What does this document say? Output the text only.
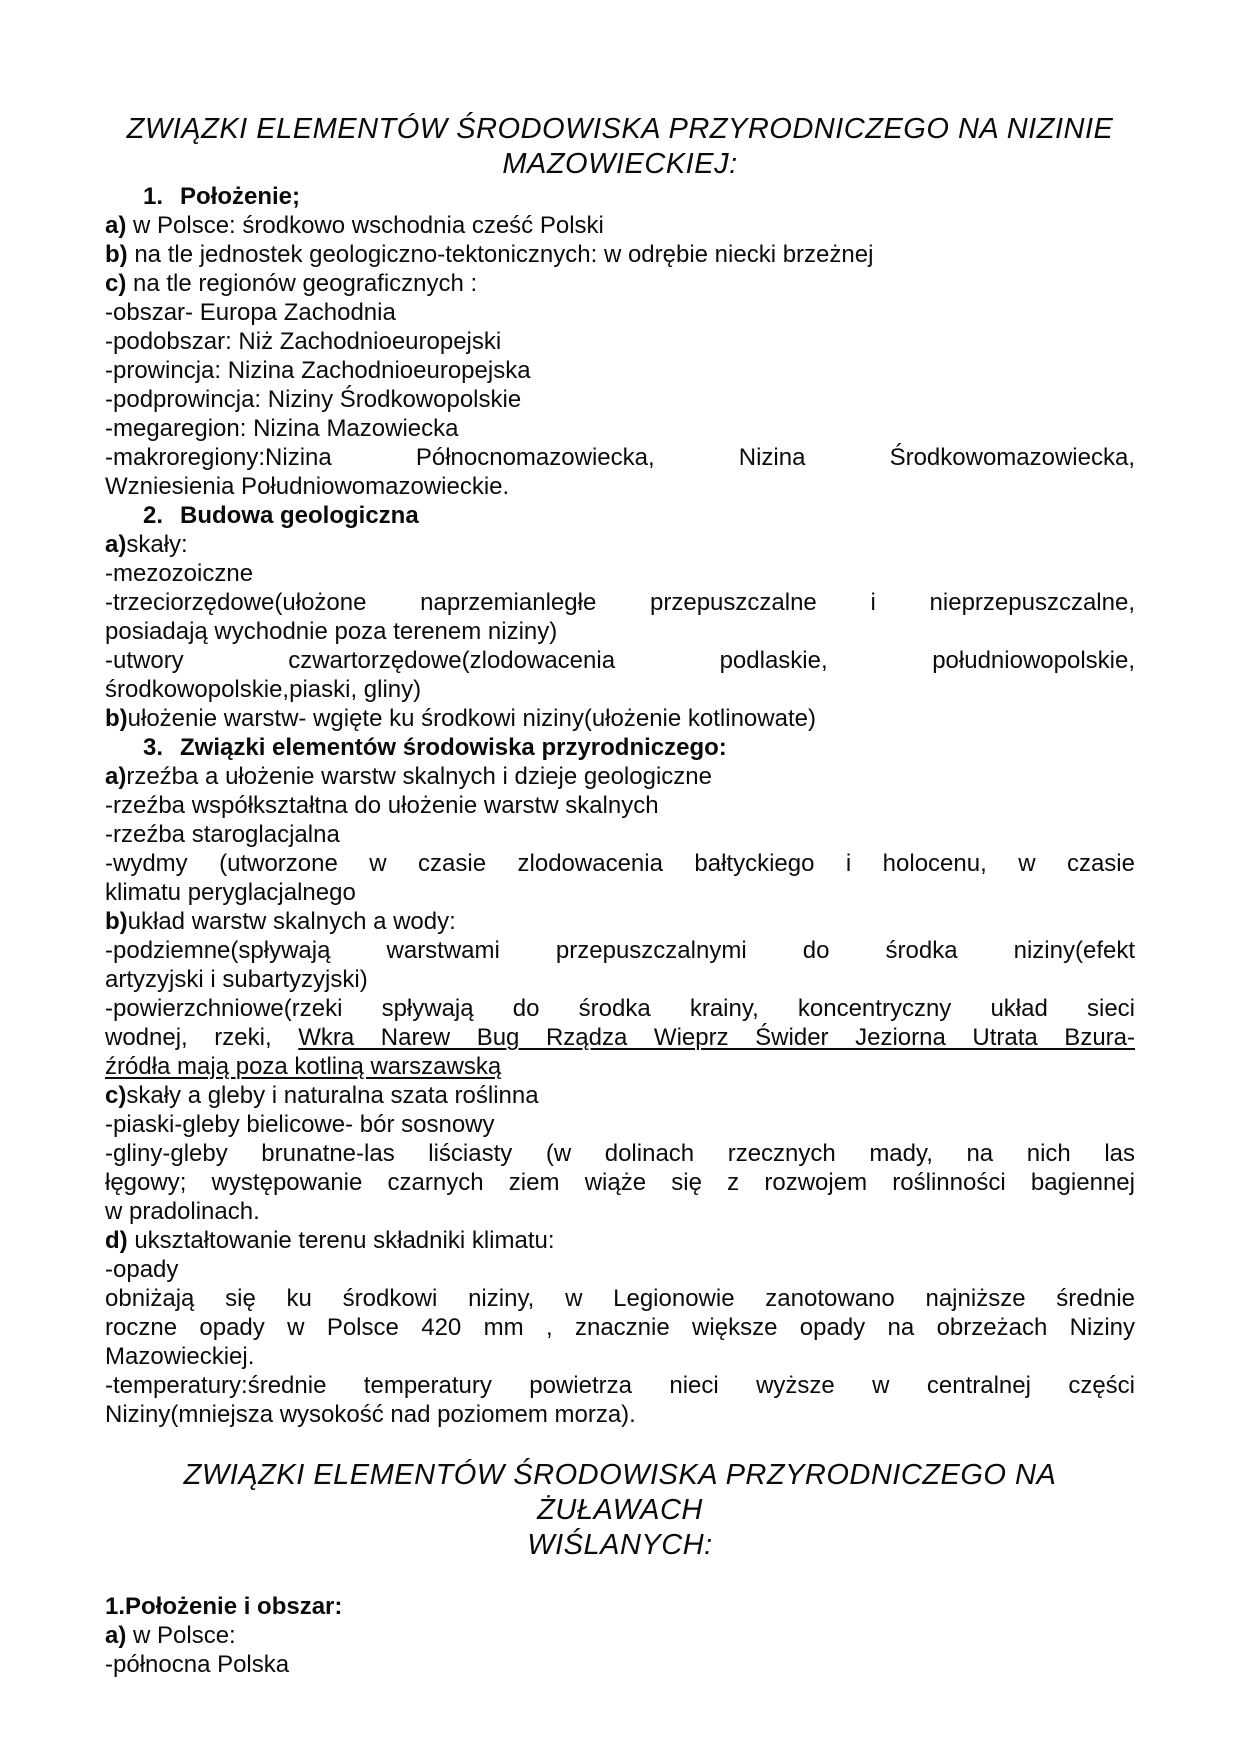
ZWIĄZKI ELEMENTÓW ŚRODOWISKA PRZYRODNICZEGO NA NIZINIE
MAZOWIECKIEJ:
1. Położenie;
a) w Polsce: środkowo wschodnia cześć Polski
b) na tle jednostek geologiczno-tektonicznych: w odrębie niecki brzeżnej
c) na tle regionów geograficznych :
-obszar- Europa Zachodnia
-podobszar: Niż Zachodnioeuropejski
-prowincja: Nizina Zachodnioeuropejska
-podprowincja: Niziny Środkowopolskie
-megaregion: Nizina Mazowiecka
-makroregiony:Nizina Północnomazowiecka, Nizina Środkowomazowiecka,
Wzniesienia Południowomazowieckie.
2. Budowa geologiczna
a)skały:
-mezozoiczne
-trzeciorzędowe(ułożone naprzemianległe przepuszczalne i nieprzepuszczalne,
posiadają wychodnie poza terenem niziny)
-utwory czwartorzędowe(zlodowacenia podlaskie, południowopolskie,
środkowopolskie,piaski, gliny)
b)ułożenie warstw- wgięte ku środkowi niziny(ułożenie kotlinowate)
3. Związki elementów środowiska przyrodniczego:
a)rzeźba a ułożenie warstw skalnych i dzieje geologiczne
-rzeźba współkształtna do ułożenie warstw skalnych
-rzeźba staroglacjalna
-wydmy (utworzone w czasie zlodowacenia bałtyckiego i holocenu, w czasie
klimatu peryglacjalnego
b)układ warstw skalnych a wody:
-podziemne(spływają warstwami przepuszczalnymi do środka niziny(efekt
artyzyjski i subartyzyjski)
-powierzchniowe(rzeki spływają do środka krainy, koncentryczny układ sieci
wodnej, rzeki, Wkra Narew Bug Rządza Wieprz Świder Jeziorna Utrata Bzura-
źródła mają poza kotliną warszawską
c)skały a gleby i naturalna szata roślinna
-piaski-gleby bielicowe- bór sosnowy
-gliny-gleby brunatne-las liściasty (w dolinach rzecznych mady, na nich las
łęgowy; występowanie czarnych ziem wiąże się z rozwojem roślinności bagiennej
w pradolinach.
d) ukształtowanie terenu składniki klimatu:
-opady
obniżają się ku środkowi niziny, w Legionowie zanotowano najniższe średnie
roczne opady w Polsce 420 mm , znacznie większe opady na obrzeżach Niziny
Mazowieckiej.
-temperatury:średnie temperatury powietrza nieci wyższe w centralnej części
Niziny(mniejsza wysokość nad poziomem morza).
ZWIĄZKI ELEMENTÓW ŚRODOWISKA PRZYRODNICZEGO NA ŻUŁAWACH
WIŚLANYCH:
1.Położenie i obszar:
a) w Polsce:
-północna Polska
